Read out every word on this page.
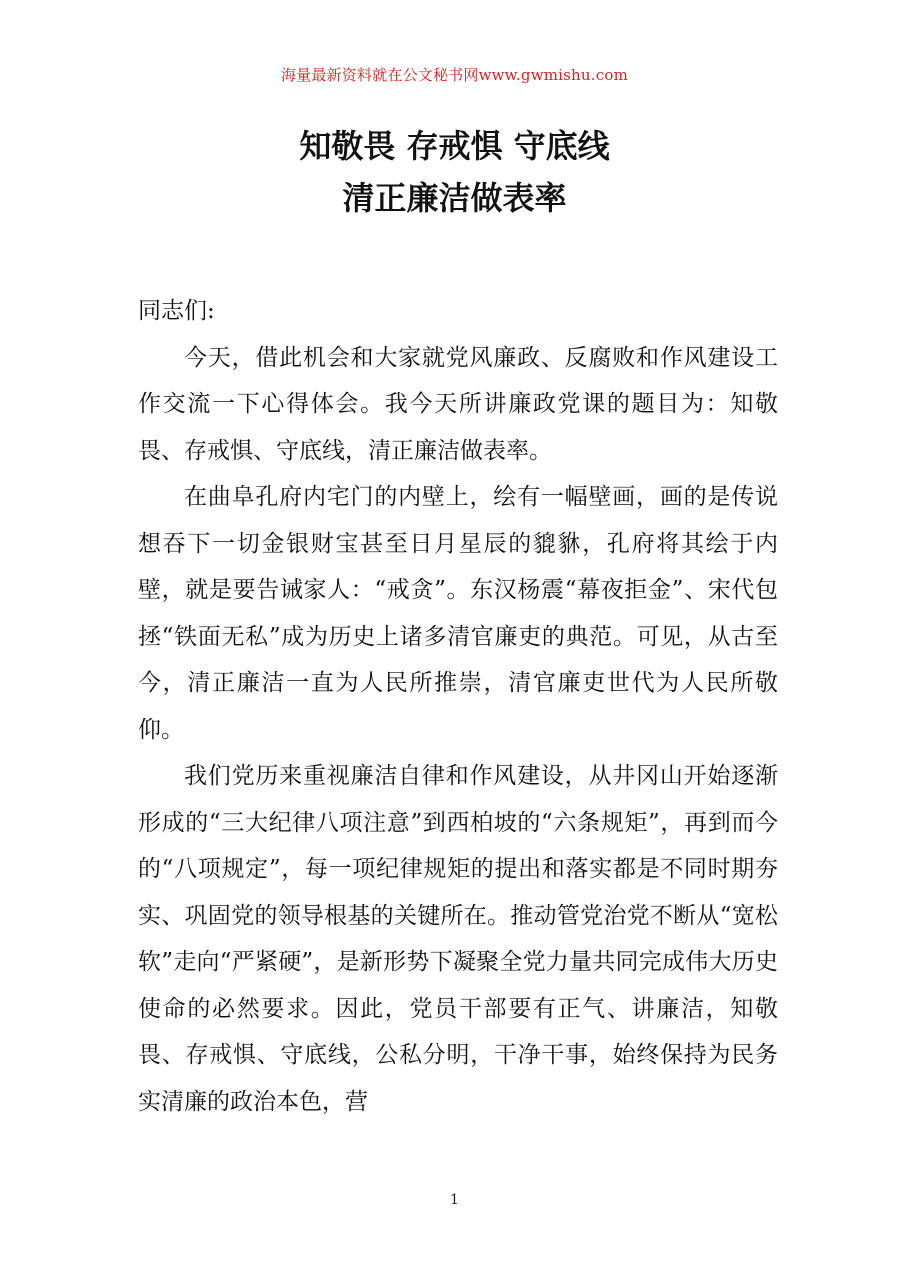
海量最新资料就在公文秘书网www.gwmishu.com
知敬畏 存戒惧 守底线
清正廉洁做表率

同志们:

今天，借此机会和大家就党风廉政、反腐败和作风建设工作交流一下心得体会。我今天所讲廉政党课的题目为：知敬畏、存戒惧、守底线，清正廉洁做表率。

在曲阜孔府内宅门的内壁上，绘有一幅壁画，画的是传说想吞下一切金银财宝甚至日月星辰的貔貅，孔府将其绘于内壁，就是要告诫家人：“戒贪”。东汉杨震“幕夜拒金”、宋代包拯“铁面无私”成为历史上诸多清官廉吏的典范。可见，从古至今，清正廉洁一直为人民所推崇，清官廉吏世代为人民所敬仰。

我们党历来重视廉洁自律和作风建设，从井冈山开始逐渐形成的“三大纪律八项注意”到西柏坡的“六条规矩”，再到而今的“八项规定”，每一项纪律规矩的提出和落实都是不同时期夯实、巩固党的领导根基的关键所在。推动管党治党不断从“宽松软”走向“严紧硬”，是新形势下凝聚全党力量共同完成伟大历史使命的必然要求。因此，党员干部要有正气、讲廉洁，知敬畏、存戒惧、守底线，公私分明，干净干事，始终保持为民务实清廉的政治本色，营

1
